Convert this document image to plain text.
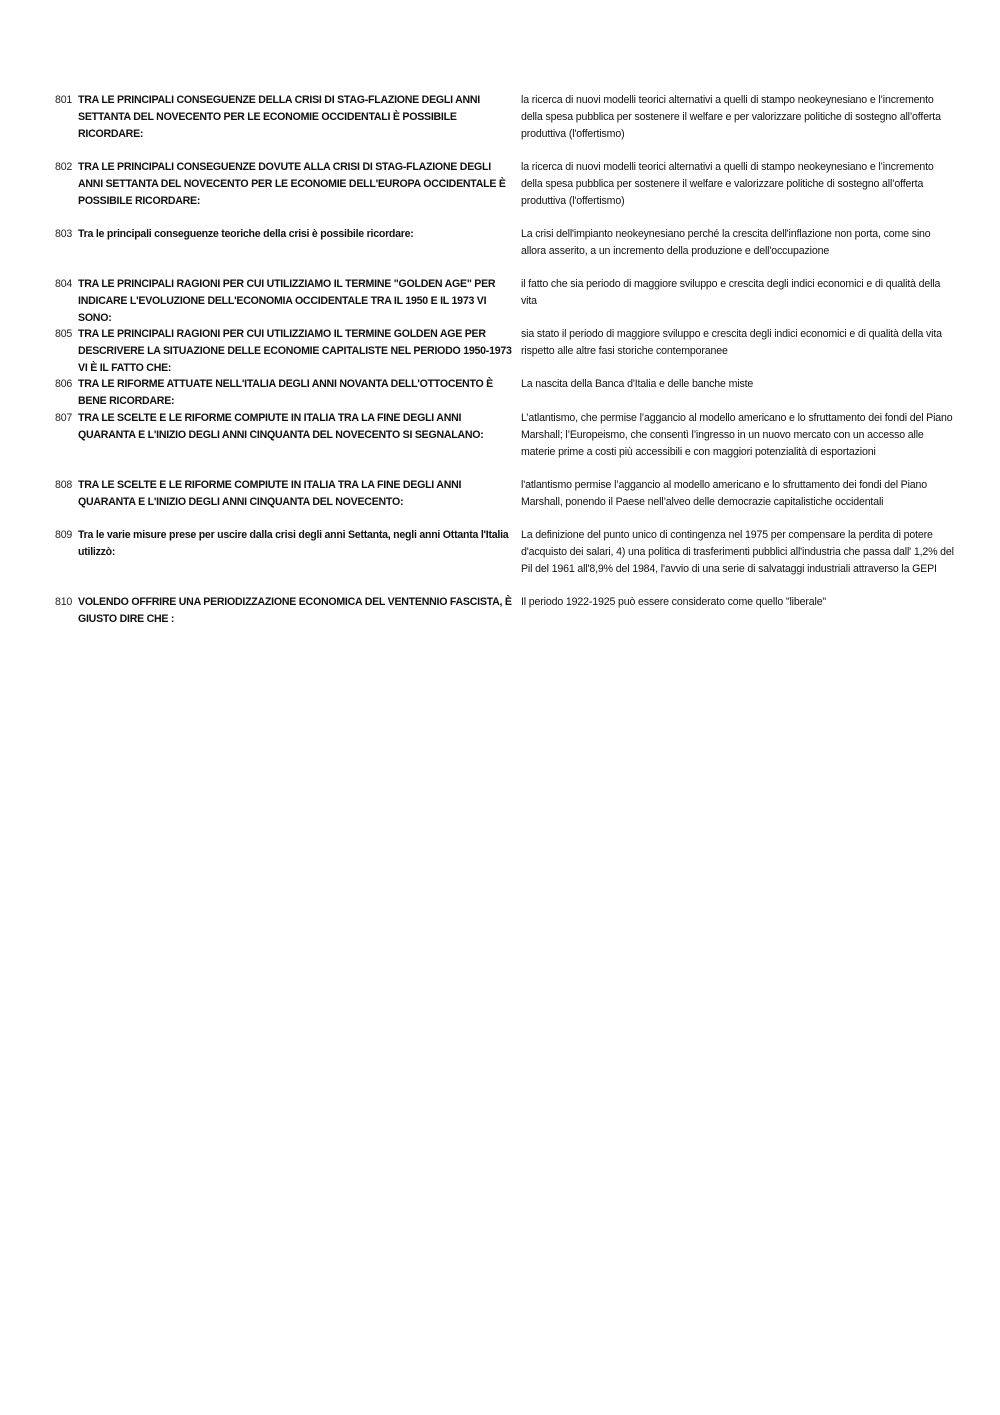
801 TRA LE PRINCIPALI CONSEGUENZE DELLA CRISI DI STAG-FLAZIONE DEGLI ANNI SETTANTA DEL NOVECENTO PER LE ECONOMIE OCCIDENTALI È POSSIBILE RICORDARE:
la ricerca di nuovi modelli teorici alternativi a quelli di stampo neokeynesiano e l’incremento della spesa pubblica per sostenere il welfare e per valorizzare politiche di sostegno all’offerta produttiva (l'offertismo)
802 TRA LE PRINCIPALI CONSEGUENZE DOVUTE ALLA CRISI DI STAG-FLAZIONE DEGLI ANNI SETTANTA DEL NOVECENTO PER LE ECONOMIE DELL'EUROPA OCCIDENTALE È POSSIBILE RICORDARE:
la ricerca di nuovi modelli teorici alternativi a quelli di stampo neokeynesiano e l’incremento della spesa pubblica per sostenere il welfare e valorizzare politiche di sostegno all’offerta produttiva (l'offertismo)
803 Tra le principali conseguenze teoriche della crisi è possibile ricordare:	La crisi dell'impianto neokeynesiano perché la crescita dell'inflazione non porta, come sino allora asserito, a un incremento della produzione e dell'occupazione
804 TRA LE PRINCIPALI RAGIONI PER CUI UTILIZZIAMO IL TERMINE "GOLDEN AGE" PER INDICARE L'EVOLUZIONE DELL'ECONOMIA OCCIDENTALE TRA IL 1950 E IL 1973 VI SONO:
il fatto che sia periodo di maggiore sviluppo e crescita degli indici economici e di qualità della vita
805 TRA LE PRINCIPALI RAGIONI PER CUI UTILIZZIAMO IL TERMINE GOLDEN AGE PER DESCRIVERE LA SITUAZIONE DELLE ECONOMIE CAPITALISTE NEL PERIODO 1950-1973 VI È IL FATTO CHE:
sia stato il periodo di maggiore sviluppo e crescita degli indici economici e di qualità della vita rispetto alle altre fasi storiche contemporanee
806 TRA LE RIFORME ATTUATE NELL'ITALIA DEGLI ANNI NOVANTA DELL'OTTOCENTO È BENE RICORDARE:
La nascita della Banca d'Italia e delle banche miste
807 TRA LE SCELTE E LE RIFORME COMPIUTE IN ITALIA TRA LA FINE DEGLI ANNI QUARANTA E L'INIZIO DEGLI ANNI CINQUANTA DEL NOVECENTO SI SEGNALANO:
L’atlantismo, che permise l’aggancio al modello americano e lo sfruttamento dei fondi del Piano Marshall; l’Europeismo, che consentì l’ingresso in un nuovo mercato con un accesso alle materie prime a costi più accessibili e con maggiori potenzialità di esportazioni
808 TRA LE SCELTE E LE RIFORME COMPIUTE IN ITALIA TRA LA FINE DEGLI ANNI QUARANTA E L'INIZIO DEGLI ANNI CINQUANTA DEL NOVECENTO:
l'atlantismo permise l’aggancio al modello americano e lo sfruttamento dei fondi del Piano Marshall, ponendo il Paese nell’alveo delle democrazie capitalistiche occidentali
809 Tra le varie misure prese per uscire dalla crisi degli anni Settanta, negli anni Ottanta l'Italia utilizzò:
La definizione del punto unico di contingenza nel 1975 per compensare la perdita di potere d'acquisto dei salari, 4) una politica di trasferimenti pubblici all'industria che passa dall' 1,2% del Pil del 1961 all'8,9% del 1984, l'avvio di una serie di salvataggi industriali attraverso la GEPI
810 VOLENDO OFFRIRE UNA PERIODIZZAZIONE ECONOMICA DEL VENTENNIO FASCISTA, È GIUSTO DIRE CHE :
Il periodo 1922-1925 può essere considerato come quello "liberale"
